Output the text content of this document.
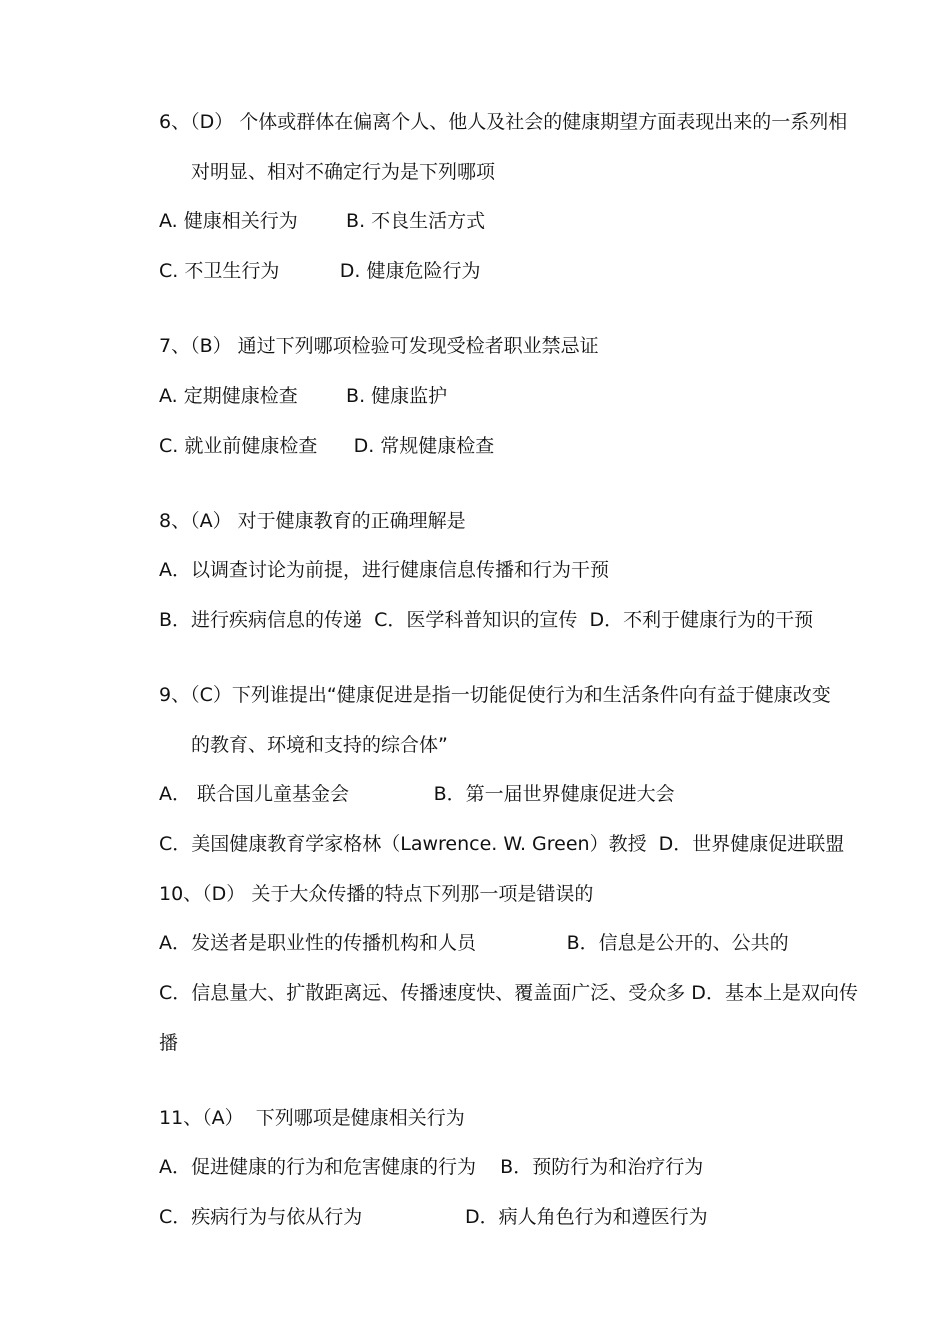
6、（D） 个体或群体在偏离个人、他人及社会的健康期望方面表现出来的一系列相
对明显、相对不确定行为是下列哪项
A. 健康相关行为        B. 不良生活方式
C. 不卫生行为          D. 健康危险行为
7、（B） 通过下列哪项检验可发现受检者职业禁忌证
A. 定期健康检查        B. 健康监护
C. 就业前健康检查      D. 常规健康检查
8、（A） 对于健康教育的正确理解是
A．以调查讨论为前提，进行健康信息传播和行为干预
B．进行疾病信息的传递  C．医学科普知识的宣传  D．不利于健康行为的干预
9、（C）下列谁提出“健康促进是指一切能促使行为和生活条件向有益于健康改变
的教育、环境和支持的综合体”
A． 联合国儿童基金会              B．第一届世界健康促进大会
C．美国健康教育学家格林（Lawrence. W. Green）教授  D．世界健康促进联盟
10、（D） 关于大众传播的特点下列那一项是错误的
A．发送者是职业性的传播机构和人员               B．信息是公开的、公共的
C．信息量大、扩散距离远、传播速度快、覆盖面广泛、受众多 D．基本上是双向传
播
11、（A）  下列哪项是健康相关行为
A．促进健康的行为和危害健康的行为    B．预防行为和治疗行为
C．疾病行为与依从行为                 D．病人角色行为和遵医行为
